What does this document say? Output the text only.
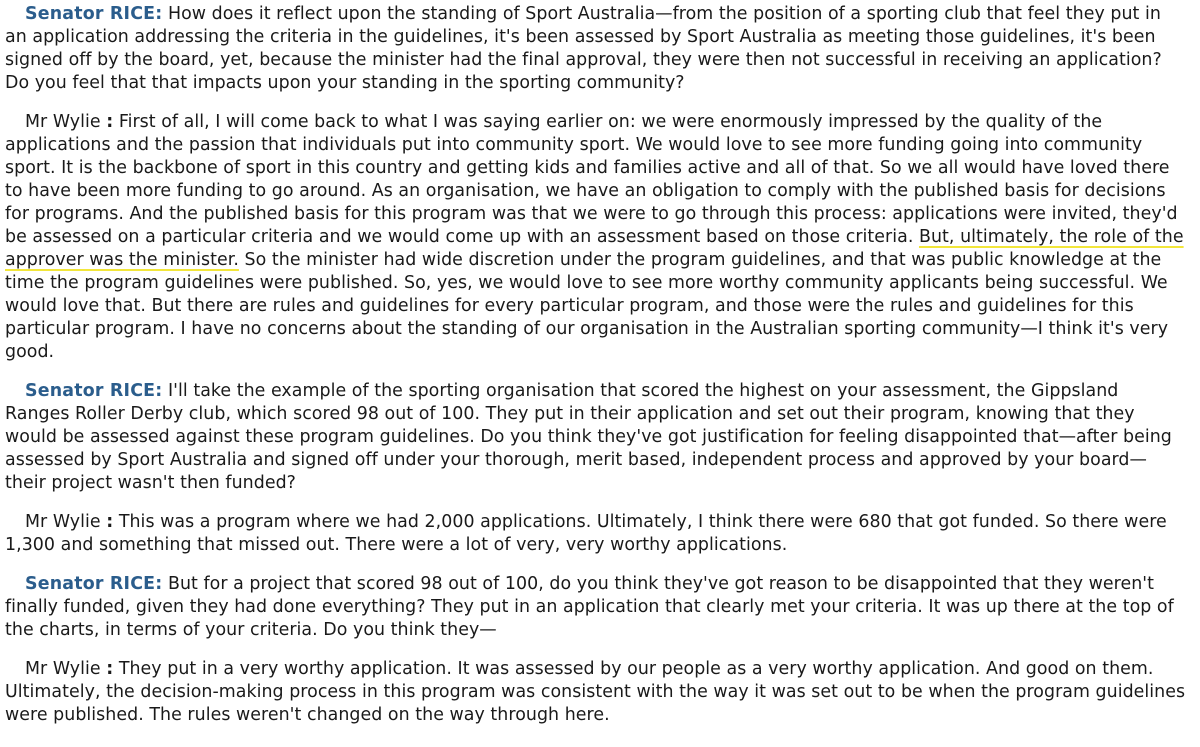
Senator RICE: How does it reflect upon the standing of Sport Australia—from the position of a sporting club that feel they put in an application addressing the criteria in the guidelines, it's been assessed by Sport Australia as meeting those guidelines, it's been signed off by the board, yet, because the minister had the final approval, they were then not successful in receiving an application? Do you feel that that impacts upon your standing in the sporting community?

Mr Wylie : First of all, I will come back to what I was saying earlier on: we were enormously impressed by the quality of the applications and the passion that individuals put into community sport. We would love to see more funding going into community sport. It is the backbone of sport in this country and getting kids and families active and all of that. So we all would have loved there to have been more funding to go around. As an organisation, we have an obligation to comply with the published basis for decisions for programs. And the published basis for this program was that we were to go through this process: applications were invited, they'd be assessed on a particular criteria and we would come up with an assessment based on those criteria. But, ultimately, the role of the approver was the minister. So the minister had wide discretion under the program guidelines, and that was public knowledge at the time the program guidelines were published. So, yes, we would love to see more worthy community applicants being successful. We would love that. But there are rules and guidelines for every particular program, and those were the rules and guidelines for this particular program. I have no concerns about the standing of our organisation in the Australian sporting community—I think it's very good.

Senator RICE: I'll take the example of the sporting organisation that scored the highest on your assessment, the Gippsland Ranges Roller Derby club, which scored 98 out of 100. They put in their application and set out their program, knowing that they would be assessed against these program guidelines. Do you think they've got justification for feeling disappointed that—after being assessed by Sport Australia and signed off under your thorough, merit based, independent process and approved by your board—their project wasn't then funded?

Mr Wylie : This was a program where we had 2,000 applications. Ultimately, I think there were 680 that got funded. So there were 1,300 and something that missed out. There were a lot of very, very worthy applications.

Senator RICE: But for a project that scored 98 out of 100, do you think they've got reason to be disappointed that they weren't finally funded, given they had done everything? They put in an application that clearly met your criteria. It was up there at the top of the charts, in terms of your criteria. Do you think they—

Mr Wylie : They put in a very worthy application. It was assessed by our people as a very worthy application. And good on them. Ultimately, the decision-making process in this program was consistent with the way it was set out to be when the program guidelines were published. The rules weren't changed on the way through here.
